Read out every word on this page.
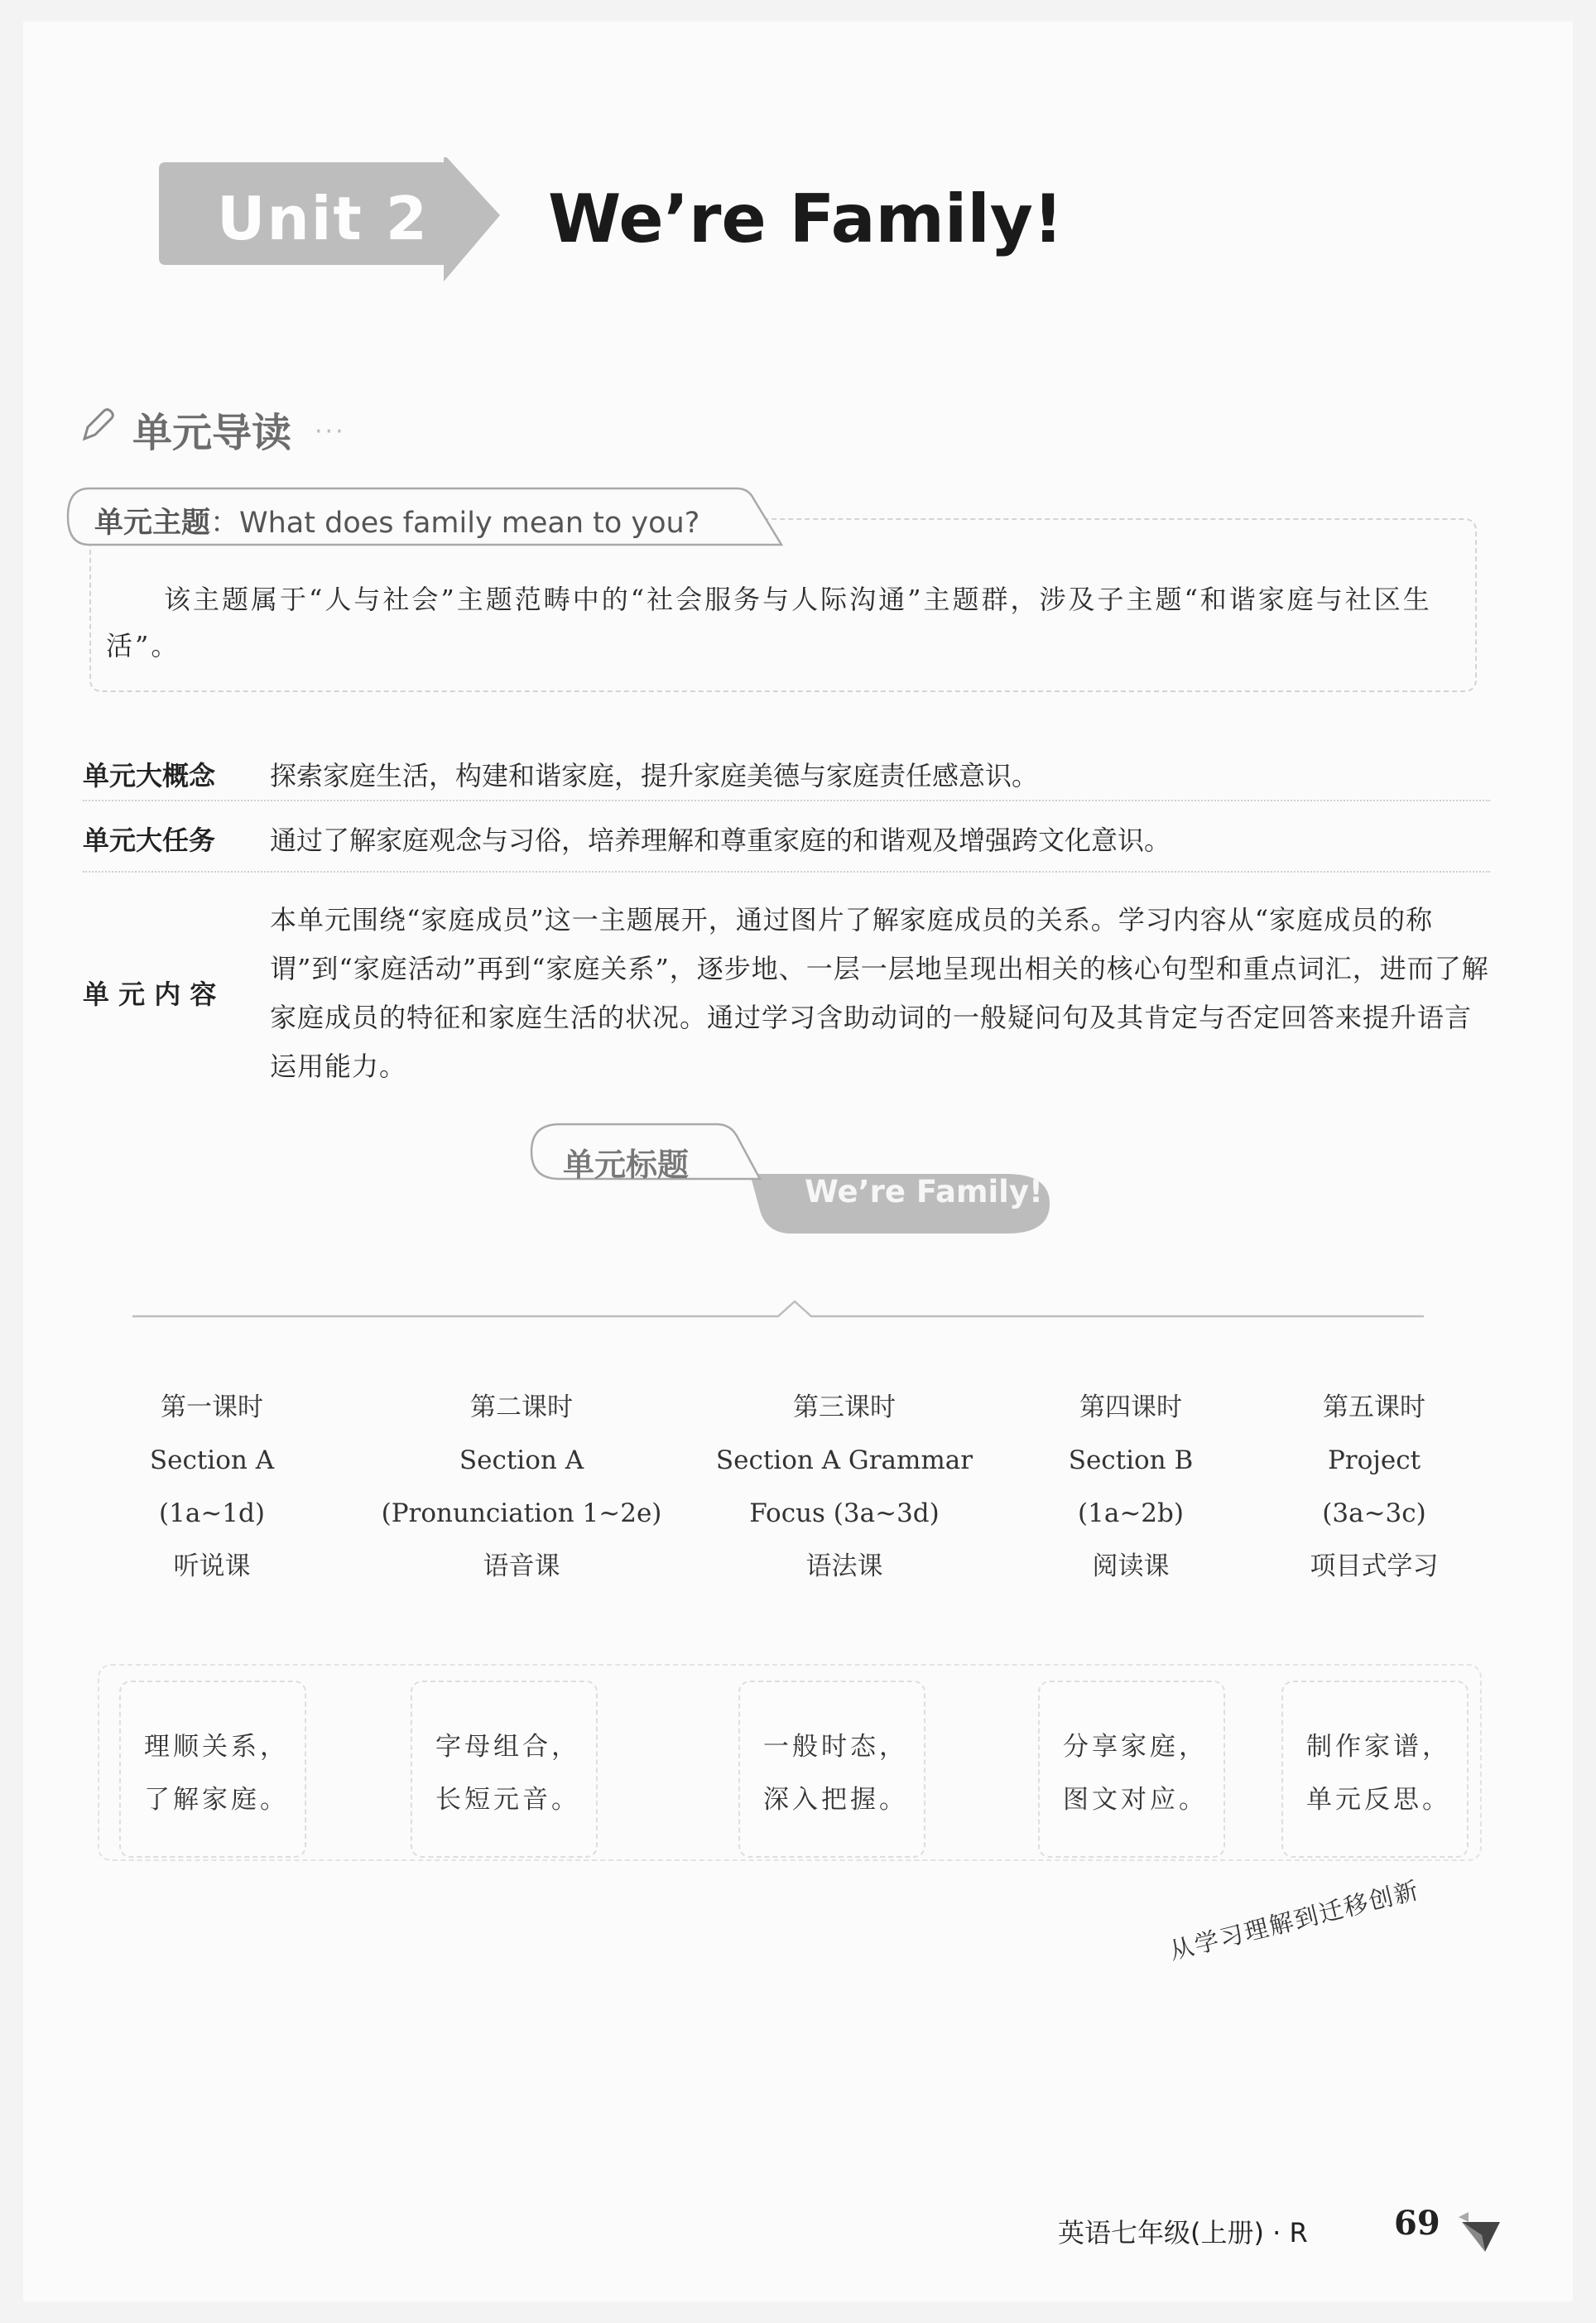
Unit 2 We’re Family!
单元导读 ···
单元主题：What does family mean to you?
该主题属于“人与社会”主题范畴中的“社会服务与人际沟通”主题群，涉及子主题“和谐家庭与社区生活”。
单元大概念 探索家庭生活，构建和谐家庭，提升家庭美德与家庭责任感意识。
单元大任务 通过了解家庭观念与习俗，培养理解和尊重家庭的和谐观及增强跨文化意识。
单 元 内 容
本单元围绕“家庭成员”这一主题展开，通过图片了解家庭成员的关系。学习内容从“家庭成员的称谓”到“家庭活动”再到“家庭关系”，逐步地、一层一层地呈现出相关的核心句型和重点词汇，进而了解家庭成员的特征和家庭生活的状况。通过学习含助动词的一般疑问句及其肯定与否定回答来提升语言运用能力。
单元标题
We’re Family!
第一课时
Section A
(1a~1d)
听说课
第二课时
Section A
(Pronunciation 1~2e)
语音课
第三课时
Section A Grammar
Focus (3a~3d)
语法课
第四课时
Section B
(1a~2b)
阅读课
第五课时
Project
(3a~3c)
项目式学习
理顺关系，
了解家庭。
字母组合，
长短元音。
一般时态，
深入把握。
分享家庭，
图文对应。
制作家谱，
单元反思。
从学习理解到迁移创新
英语七年级(上册) · R	69
